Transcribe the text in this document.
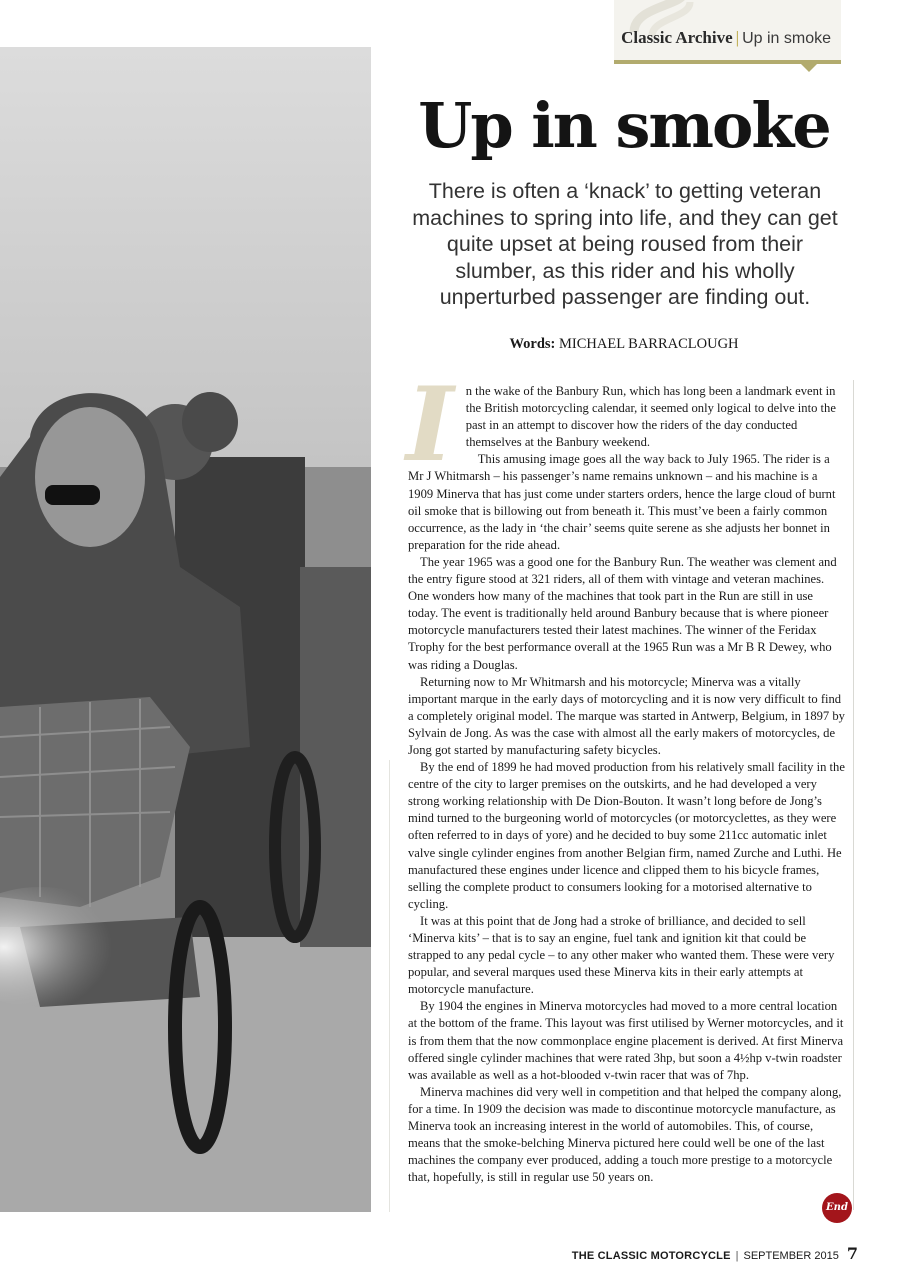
Classic Archive | Up in smoke
Up in smoke

There is often a ‘knack’ to getting veteran machines to spring into life, and they can get quite upset at being roused from their slumber, as this rider and his wholly unperturbed passenger are finding out.

Words: MICHAEL BARRACLOUGH

In the wake of the Banbury Run, which has long been a landmark event in the British motorcycling calendar, it seemed only logical to delve into the past in an attempt to discover how the riders of the day conducted themselves at the Banbury weekend.

This amusing image goes all the way back to July 1965. The rider is a Mr J Whitmarsh – his passenger’s name remains unknown – and his machine is a 1909 Minerva that has just come under starters orders, hence the large cloud of burnt oil smoke that is billowing out from beneath it. This must’ve been a fairly common occurrence, as the lady in ‘the chair’ seems quite serene as she adjusts her bonnet in preparation for the ride ahead.

The year 1965 was a good one for the Banbury Run. The weather was clement and the entry figure stood at 321 riders, all of them with vintage and veteran machines. One wonders how many of the machines that took part in the Run are still in use today. The event is traditionally held around Banbury because that is where pioneer motorcycle manufacturers tested their latest machines. The winner of the Feridax Trophy for the best performance overall at the 1965 Run was a Mr B R Dewey, who was riding a Douglas.

Returning now to Mr Whitmarsh and his motorcycle; Minerva was a vitally important marque in the early days of motorcycling and it is now very difficult to find a completely original model. The marque was started in Antwerp, Belgium, in 1897 by Sylvain de Jong. As was the case with almost all the early makers of motorcycles, de Jong got started by manufacturing safety bicycles.

By the end of 1899 he had moved production from his relatively small facility in the centre of the city to larger premises on the outskirts, and he had developed a very strong working relationship with De Dion-Bouton. It wasn’t long before de Jong’s mind turned to the burgeoning world of motorcycles (or motorcyclettes, as they were often referred to in days of yore) and he decided to buy some 211cc automatic inlet valve single cylinder engines from another Belgian firm, named Zurche and Luthi. He manufactured these engines under licence and clipped them to his bicycle frames, selling the complete product to consumers looking for a motorised alternative to cycling.

It was at this point that de Jong had a stroke of brilliance, and decided to sell ‘Minerva kits’ – that is to say an engine, fuel tank and ignition kit that could be strapped to any pedal cycle – to any other maker who wanted them. These were very popular, and several marques used these Minerva kits in their early attempts at motorcycle manufacture.

By 1904 the engines in Minerva motorcycles had moved to a more central location at the bottom of the frame. This layout was first utilised by Werner motorcycles, and it is from them that the now commonplace engine placement is derived. At first Minerva offered single cylinder machines that were rated 3hp, but soon a 4½hp v-twin roadster was available as well as a hot-blooded v-twin racer that was of 7hp.

Minerva machines did very well in competition and that helped the company along, for a time. In 1909 the decision was made to discontinue motorcycle manufacture, as Minerva took an increasing interest in the world of automobiles. This, of course, means that the smoke-belching Minerva pictured here could well be one of the last machines the company ever produced, adding a touch more prestige to a motorcycle that, hopefully, is still in regular use 50 years on.

End
THE CLASSIC MOTORCYCLE | SEPTEMBER 2015 7
